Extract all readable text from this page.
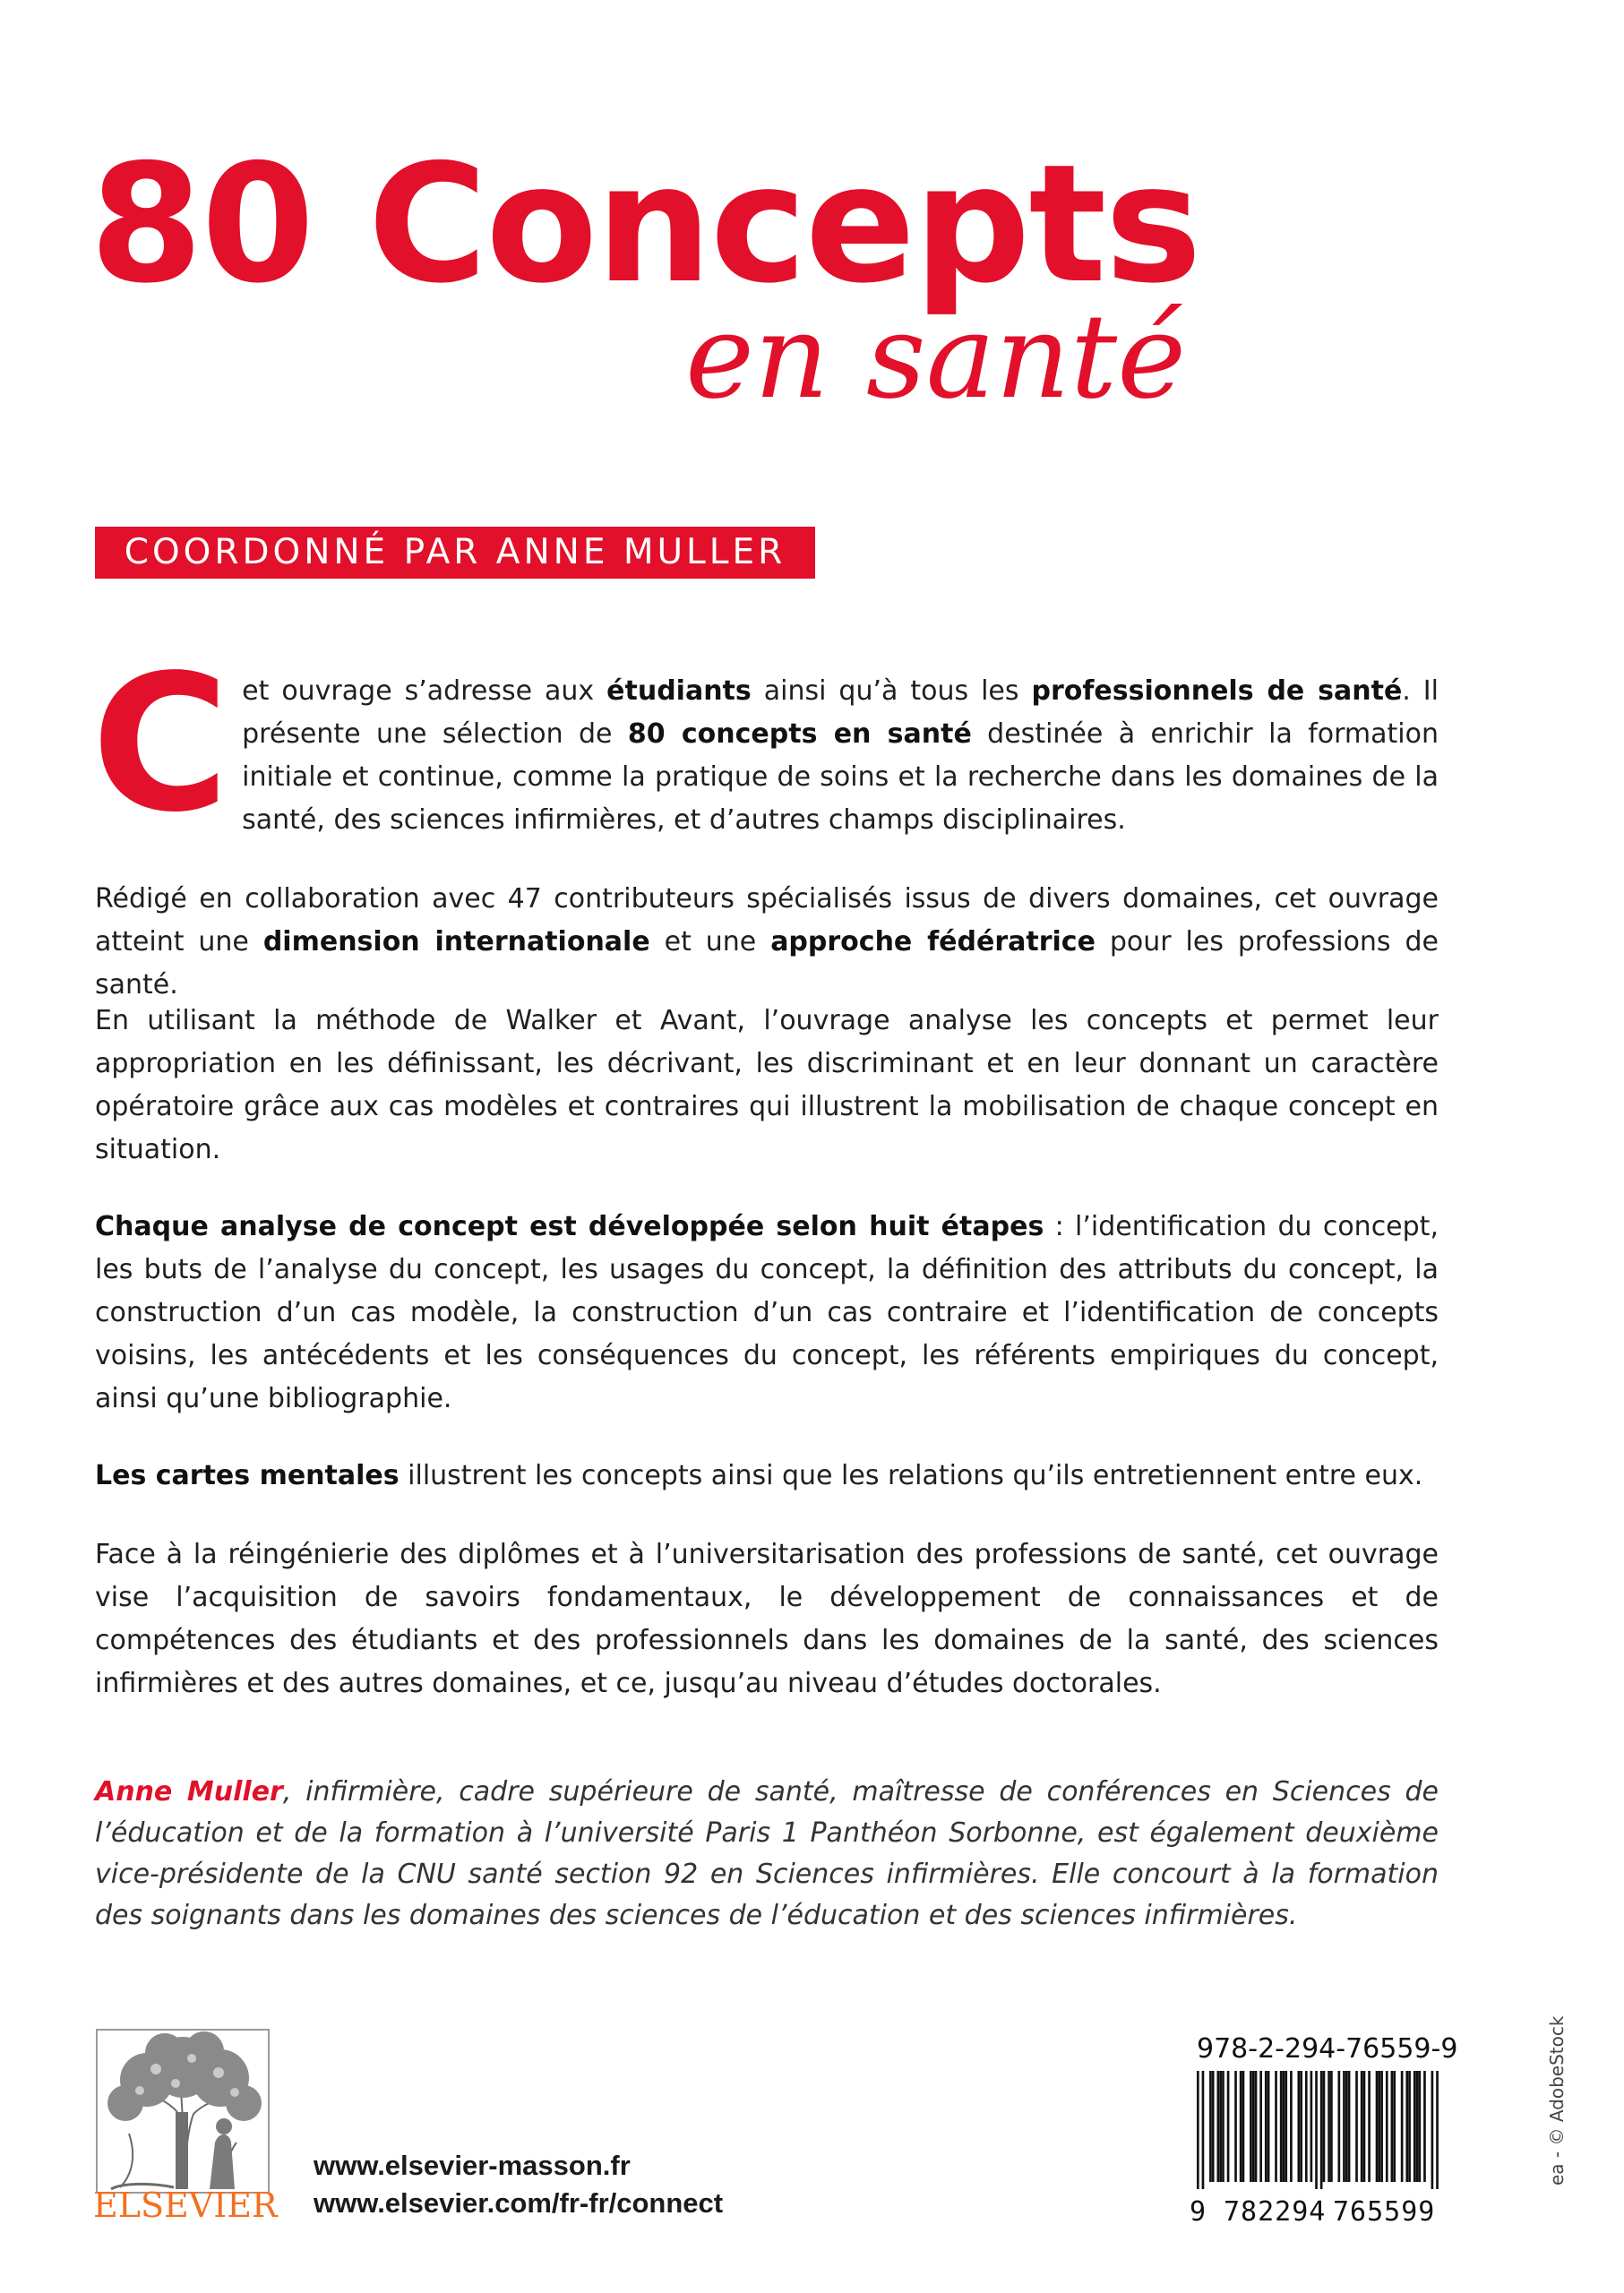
80 Concepts
en santé
COORDONNÉ PAR ANNE MULLER

Cet ouvrage s’adresse aux étudiants ainsi qu’à tous les professionnels de santé. Il présente une sélection de 80 concepts en santé destinée à enrichir la formation initiale et continue, comme la pratique de soins et la recherche dans les domaines de la santé, des sciences infirmières, et d’autres champs disciplinaires.

Rédigé en collaboration avec 47 contributeurs spécialisés issus de divers domaines, cet ouvrage atteint une dimension internationale et une approche fédératrice pour les professions de santé.

En utilisant la méthode de Walker et Avant, l’ouvrage analyse les concepts et permet leur appropriation en les définissant, les décrivant, les discriminant et en leur donnant un caractère opératoire grâce aux cas modèles et contraires qui illustrent la mobilisation de chaque concept en situation.

Chaque analyse de concept est développée selon huit étapes : l’identification du concept, les buts de l’analyse du concept, les usages du concept, la définition des attributs du concept, la construction d’un cas modèle, la construction d’un cas contraire et l’identification de concepts voisins, les antécédents et les conséquences du concept, les référents empiriques du concept, ainsi qu’une bibliographie.

Les cartes mentales illustrent les concepts ainsi que les relations qu’ils entretiennent entre eux.

Face à la réingénierie des diplômes et à l’universitarisation des professions de santé, cet ouvrage vise l’acquisition de savoirs fondamentaux, le développement de connaissances et de compétences des étudiants et des professionnels dans les domaines de la santé, des sciences infirmières et des autres domaines, et ce, jusqu’au niveau d’études doctorales.

Anne Muller, infirmière, cadre supérieure de santé, maîtresse de conférences en Sciences de l’éducation et de la formation à l’université Paris 1 Panthéon Sorbonne, est également deuxième vice-présidente de la CNU santé section 92 en Sciences infirmières. Elle concourt à la formation des soignants dans les domaines des sciences de l’éducation et des sciences infirmières.

ELSEVIER
www.elsevier-masson.fr
www.elsevier.com/fr-fr/connect
978-2-294-76559-9
9 782294 765599
ea - © AdobeStock
